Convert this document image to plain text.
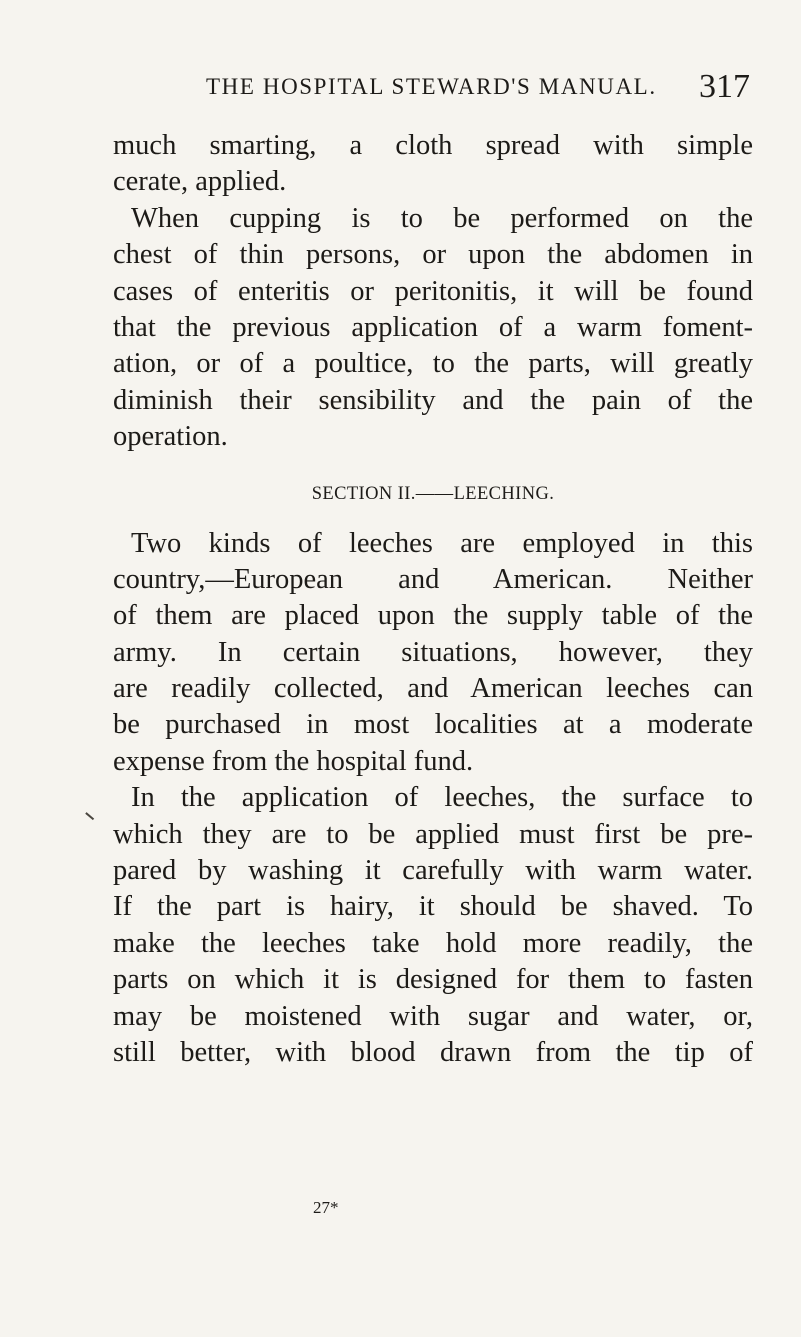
THE HOSPITAL STEWARD'S MANUAL. 317
much smarting, a cloth spread with simple
cerate, applied.
When cupping is to be performed on the
chest of thin persons, or upon the abdomen in
cases of enteritis or peritonitis, it will be found
that the previous application of a warm foment-
ation, or of a poultice, to the parts, will greatly
diminish their sensibility and the pain of the
operation.
SECTION II.——LEECHING.
Two kinds of leeches are employed in this
country,—European and American. Neither
of them are placed upon the supply table of the
army. In certain situations, however, they
are readily collected, and American leeches can
be purchased in most localities at a moderate
expense from the hospital fund.
In the application of leeches, the surface to
which they are to be applied must first be pre-
pared by washing it carefully with warm water.
If the part is hairy, it should be shaved. To
make the leeches take hold more readily, the
parts on which it is designed for them to fasten
may be moistened with sugar and water, or,
still better, with blood drawn from the tip of
27*
